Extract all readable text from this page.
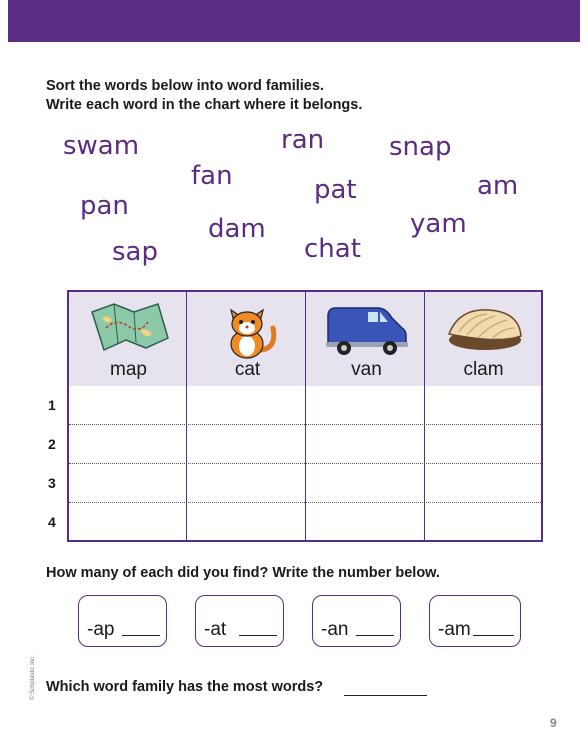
Sort the words below into word families.
Write each word in the chart where it belongs.
swam	ran snap
fan	pat	am
pan
dam	yam
sap	chat
map	cat	van	clam
1
2
3
4
How many of each did you find? Write the number below.
-ap	-at	-an	-am
Which word family has the most words?
© Scholastic Inc.
9
